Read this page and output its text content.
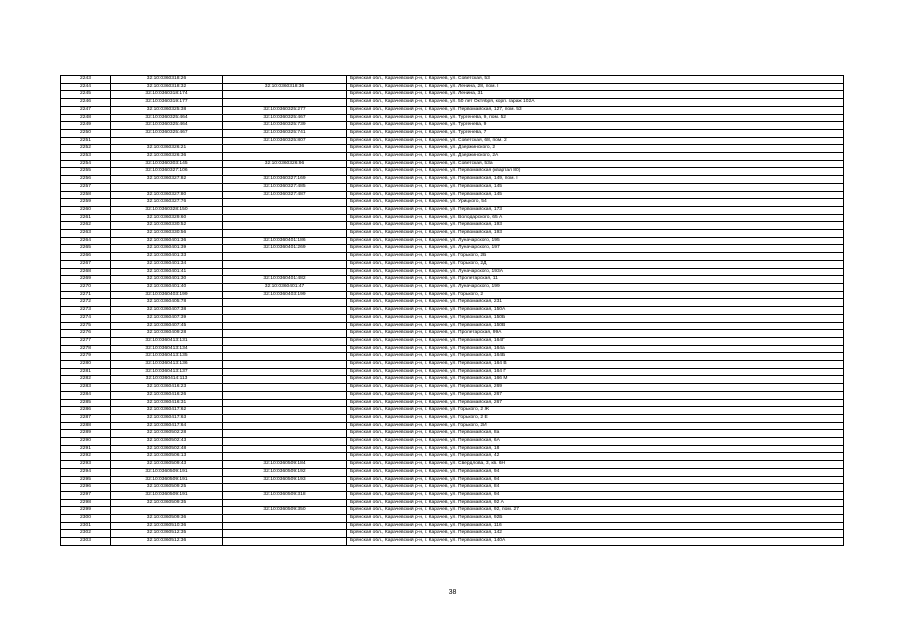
2243	32:10:0360318:26		Брянская обл., Карачевский р-н, г. Карачев, ул. Советская, 53
2244	32:10:0360318:32	32:10:0360318:36	Брянская обл., Карачевский р-н, г. Карачев, ул. Ленина, 28, пом. I
2245	32:10:0360318:174		Брянская обл., Карачевский р-н, г. Карачев, ул. Ленина, 31
2246	32:10:0360319:177		Брянская обл., Карачевский р-н, г. Карачев, ул. 50 лет Октября, корп. гараж 102А
2247	32:10:0360325:38	32:10:0360325:277	Брянская обл., Карачевский р-н, г. Карачев, ул. Первомайская, 127, пом. 53
2248	32:10:0360325:464	32:10:0360325:467	Брянская обл., Карачевский р-н, г. Карачев, ул. Тургенева, 9, пом. 52
2249	32:10:0360325:464	32:10:0360325:739	Брянская обл., Карачевский р-н, г. Карачев, ул. Тургенева, 9
2250	32:10:0360325:467	32:10:0360325:741	Брянская обл., Карачевский р-н, г. Карачев, ул. Тургенева, 7
2251		32:10:0360325:807	Брянская обл., Карачевский р-н, г. Карачев, ул. Советская, 68, пом. 2
2252	32:10:0360326:21		Брянская обл., Карачевский р-н, г. Карачев, ул. Дзержинского, 2
2253	32:10:0360326:36		Брянская обл., Карачевский р-н, г. Карачев, ул. Дзержинского, 2А
2254	32:10:0360303:145	32:10:0360326:96	Брянская обл., Карачевский р-н, г. Карачев, ул. Советская, 53а
2255	32:10:0360327:106		Брянская обл., Карачевский р-н, г. Карачев, ул. Первомайская (квартал 80)
2256	32:10:0360327:82	32:10:0360327:169	Брянская обл., Карачевский р-н, г. Карачев, ул. Первомайская, 149, пом. I
2257		32:10:0360327:485	Брянская обл., Карачевский р-н, г. Карачев, ул. Первомайская, 145
2258	32:10:0360327:80	32:10:0360327:487	Брянская обл., Карачевский р-н, г. Карачев, ул. Первомайская, 145
2259	32:10:0360327:76		Брянская обл., Карачевский р-н, г. Карачев, ул. Урицкого, 54
2260	32:10:0360328:150		Брянская обл., Карачевский р-н, г. Карачев, ул. Первомайская, 173
2261	32:10:0360329:60		Брянская обл., Карачевский р-н, г. Карачев, ул. Володарского, 65 А
2262	32:10:0360330:52		Брянская обл., Карачевский р-н, г. Карачев, ул. Первомайская, 193
2263	32:10:0360330:56		Брянская обл., Карачевский р-н, г. Карачев, ул. Первомайская, 193
2264	32:10:0360401:36	32:10:0360401:186	Брянская обл., Карачевский р-н, г. Карачев, ул. Луначарского, 195
2265	32:10:0360401:39	32:10:0360401:269	Брянская обл., Карачевский р-н, г. Карачев, ул. Луначарского, 197
2266	32:10:0360401:33		Брянская обл., Карачевский р-н, г. Карачев, ул. Горького, 2Б
2267	32:10:0360401:34		Брянская обл., Карачевский р-н, г. Карачев, ул. Горького, 2Д
2268	32:10:0360401:41		Брянская обл., Карачевский р-н, г. Карачев, ул. Луначарского, 193А
2269	32:10:0360401:30	32:10:0360401:482	Брянская обл., Карачевский р-н, г. Карачев, ул. Пролетарская, 11
2270	32:10:0360401:40	32:10:0360401:47	Брянская обл., Карачевский р-н, г. Карачев, ул. Луначарского, 199
2271	32:10:0360403:199	32:10:0360403:199	Брянская обл., Карачевский р-н, г. Карачев, ул. Горького, 2
2272	32:10:0360405:78		Брянская обл., Карачевский р-н, г. Карачев, ул. Первомайская, 231
2273	32:10:0360407:38		Брянская обл., Карачевский р-н, г. Карачев, ул. Первомайская, 150А
2274	32:10:0360407:39		Брянская обл., Карачевский р-н, г. Карачев, ул. Первомайская, 150Б
2275	32:10:0360407:45		Брянская обл., Карачевский р-н, г. Карачев, ул. Первомайская, 150В
2276	32:10:0360409:28		Брянская обл., Карачевский р-н, г. Карачев, ул. Пролетарская, 99А
2277	32:10:0360413:131		Брянская обл., Карачевский р-н, г. Карачев, ул. Первомайская, 164Г
2278	32:10:0360413:134		Брянская обл., Карачевский р-н, г. Карачев, ул. Первомайская, 164а
2279	32:10:0360413:135		Брянская обл., Карачевский р-н, г. Карачев, ул. Первомайская, 164Б
2280	32:10:0360413:136		Брянская обл., Карачевский р-н, г. Карачев, ул. Первомайская, 164 В
2281	32:10:0360413:137		Брянская обл., Карачевский р-н, г. Карачев, ул. Первомайская, 164 Г
2282	32:10:0360414:113		Брянская обл., Карачевский р-н, г. Карачев, ул. Первомайская, 166 М
2283	32:10:0360416:23		Брянская обл., Карачевский р-н, г. Карачев, ул. Первомайская, 269
2284	32:10:0360416:26		Брянская обл., Карачевский р-н, г. Карачев, ул. Первомайская, 267
2285	32:10:0360416:31		Брянская обл., Карачевский р-н, г. Карачев, ул. Первомайская, 267
2286	32:10:0360417:62		Брянская обл., Карачевский р-н, г. Карачев, ул. Горького, 2 Ж
2287	32:10:0360417:63		Брянская обл., Карачевский р-н, г. Карачев, ул. Горького, 2 Е
2288	32:10:0360417:64		Брянская обл., Карачевский р-н, г. Карачев, ул. Горького, 2И
2289	32:10:0360502:28		Брянская обл., Карачевский р-н, г. Карачев, ул. Первомайская, 8а
2290	32:10:0360502:43		Брянская обл., Карачевский р-н, г. Карачев, ул. Первомайская, 6А
2291	32:10:0360502:48		Брянская обл., Карачевский р-н, г. Карачев, ул. Первомайская, 18
2292	32:10:0360506:13		Брянская обл., Карачевский р-н, г. Карачев, ул. Первомайская, 42
2293	32:10:0360509:43	32:10:0360509:184	Брянская обл., Карачевский р-н, г. Карачев, ул. Свердлова, 3, кв. 6Н
2294	32:10:0360509:191	32:10:0360509:192	Брянская обл., Карачевский р-н, г. Карачев, ул. Первомайская, 94
2295	32:10:0360509:191	32:10:0360509:193	Брянская обл., Карачевский р-н, г. Карачев, ул. Первомайская, 94
2296	32:10:0360509:25		Брянская обл., Карачевский р-н, г. Карачев, ул. Первомайская, 84
2297	32:10:0360509:191	32:10:0360509:318	Брянская обл., Карачевский р-н, г. Карачев, ул. Первомайская, 94
2298	32:10:0360509:35		Брянская обл., Карачевский р-н, г. Карачев, ул. Первомайская, 92 А
2299		32:10:0360509:350	Брянская обл., Карачевский р-н, г. Карачев, ул. Первомайская, 92, пом. 27
2300	32:10:0360509:36		Брянская обл., Карачевский р-н, г. Карачев, ул. Первомайская, 92Б
2301	32:10:0360510:36		Брянская обл., Карачевский р-н, г. Карачев, ул. Первомайская, 116
2302	32:10:0360512:35		Брянская обл., Карачевский р-н, г. Карачев, ул. Первомайская, 142
2303	32:10:0360512:36		Брянская обл., Карачевский р-н, г. Карачев, ул. Первомайская, 140А
38
